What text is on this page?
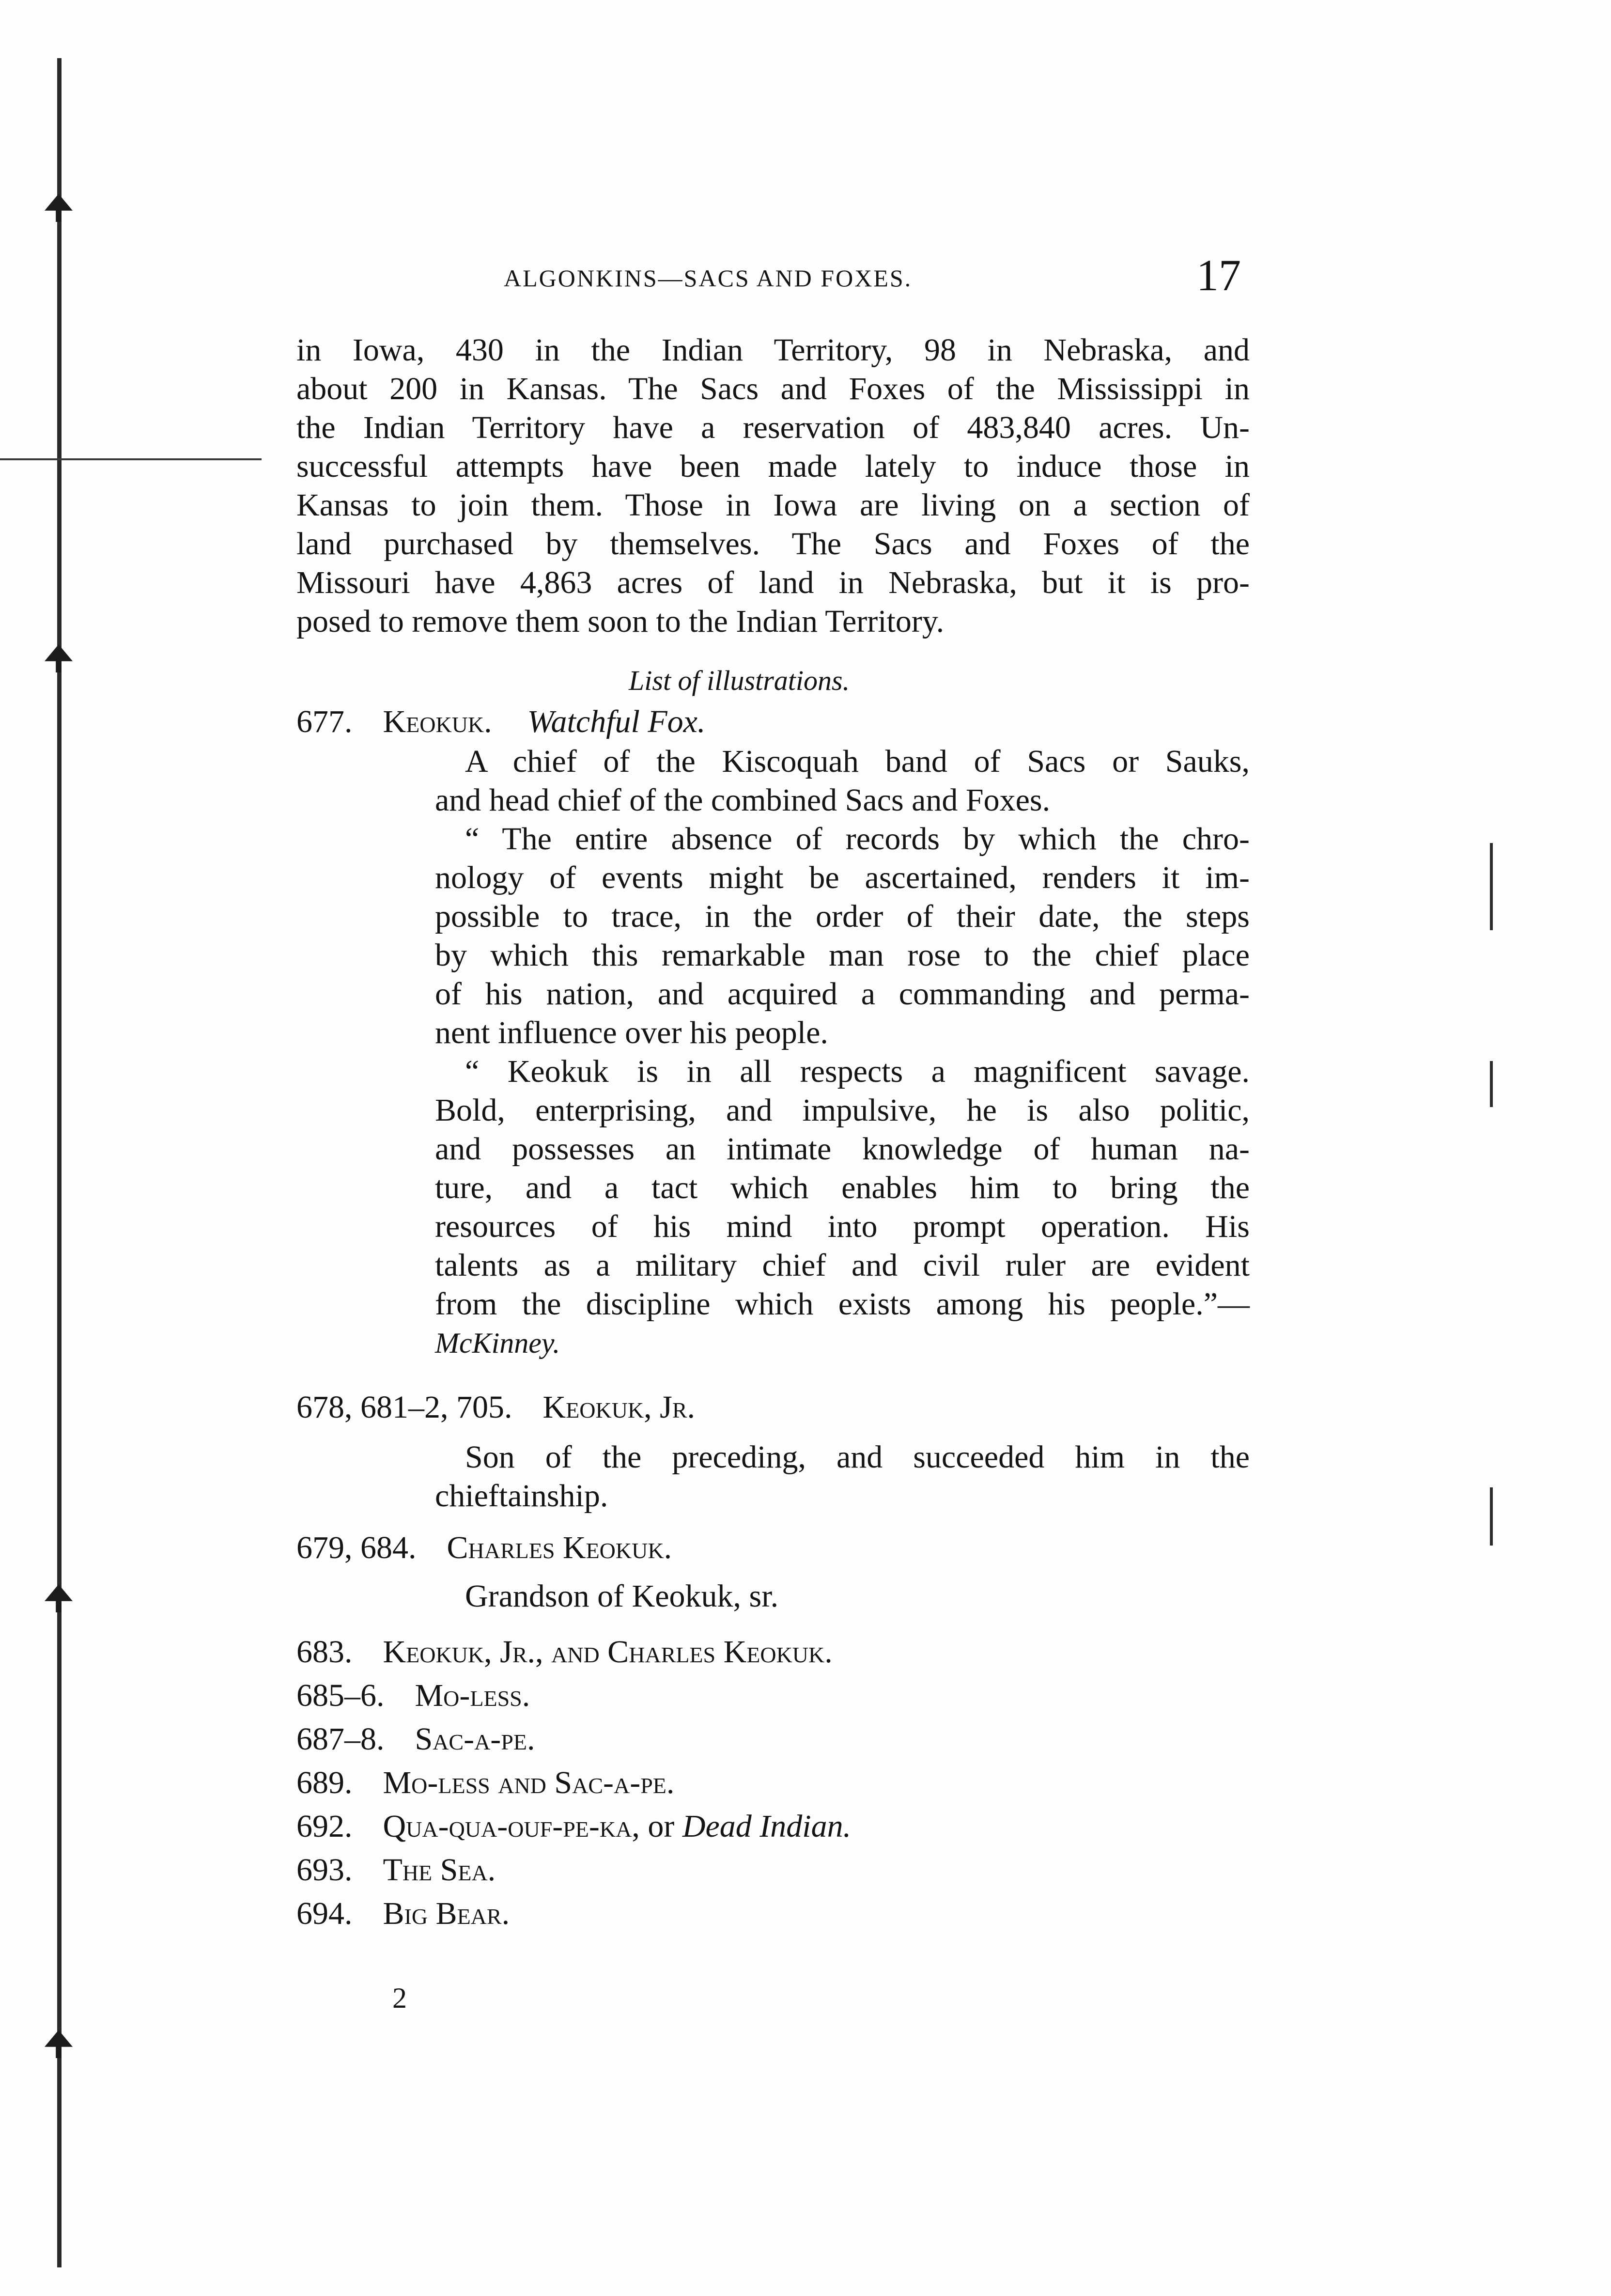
ALGONKINS—SACS AND FOXES.	17
in Iowa, 430 in the Indian Territory, 98 in Nebraska, and
about 200 in Kansas. The Sacs and Foxes of the Mississippi in
the Indian Territory have a reservation of 483,840 acres. Un-
successful attempts have been made lately to induce those in
Kansas to join them. Those in Iowa are living on a section of
land purchased by themselves. The Sacs and Foxes of the
Missouri have 4,863 acres of land in Nebraska, but it is pro-
posed to remove them soon to the Indian Territory.
List of illustrations.
677. Keokuk. Watchful Fox.
A chief of the Kiscoquah band of Sacs or Sauks,
and head chief of the combined Sacs and Foxes.
“ The entire absence of records by which the chro-
nology of events might be ascertained, renders it im-
possible to trace, in the order of their date, the steps
by which this remarkable man rose to the chief place
of his nation, and acquired a commanding and perma-
nent influence over his people.
“ Keokuk is in all respects a magnificent savage.
Bold, enterprising, and impulsive, he is also politic,
and possesses an intimate knowledge of human na-
ture, and a tact which enables him to bring the
resources of his mind into prompt operation. His
talents as a military chief and civil ruler are evident
from the discipline which exists among his people.”—
McKinney.
678, 681–2, 705. Keokuk, Jr.
Son of the preceding, and succeeded him in the
chieftainship.
679, 684. Charles Keokuk.
Grandson of Keokuk, sr.
683. Keokuk, Jr., and Charles Keokuk.
685–6. Mo-less.
687–8. Sac-a-pe.
689. Mo-less and Sac-a-pe.
692. Qua-qua-ouf-pe-ka, or Dead Indian.
693. The Sea.
694. Big Bear.
2
